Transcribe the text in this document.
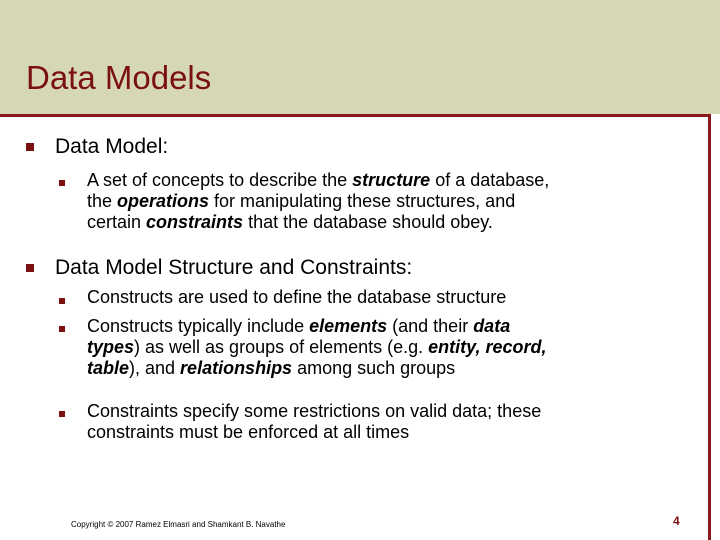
Data Models
Data Model:
A set of concepts to describe the structure of a database,
the operations for manipulating these structures, and
certain constraints that the database should obey.
Data Model Structure and Constraints:
Constructs are used to define the database structure
Constructs typically include elements (and their data
types) as well as groups of elements (e.g. entity, record,
table), and relationships among such groups
Constraints specify some restrictions on valid data; these
constraints must be enforced at all times
Copyright © 2007 Ramez Elmasri and Shamkant B. Navathe	4
